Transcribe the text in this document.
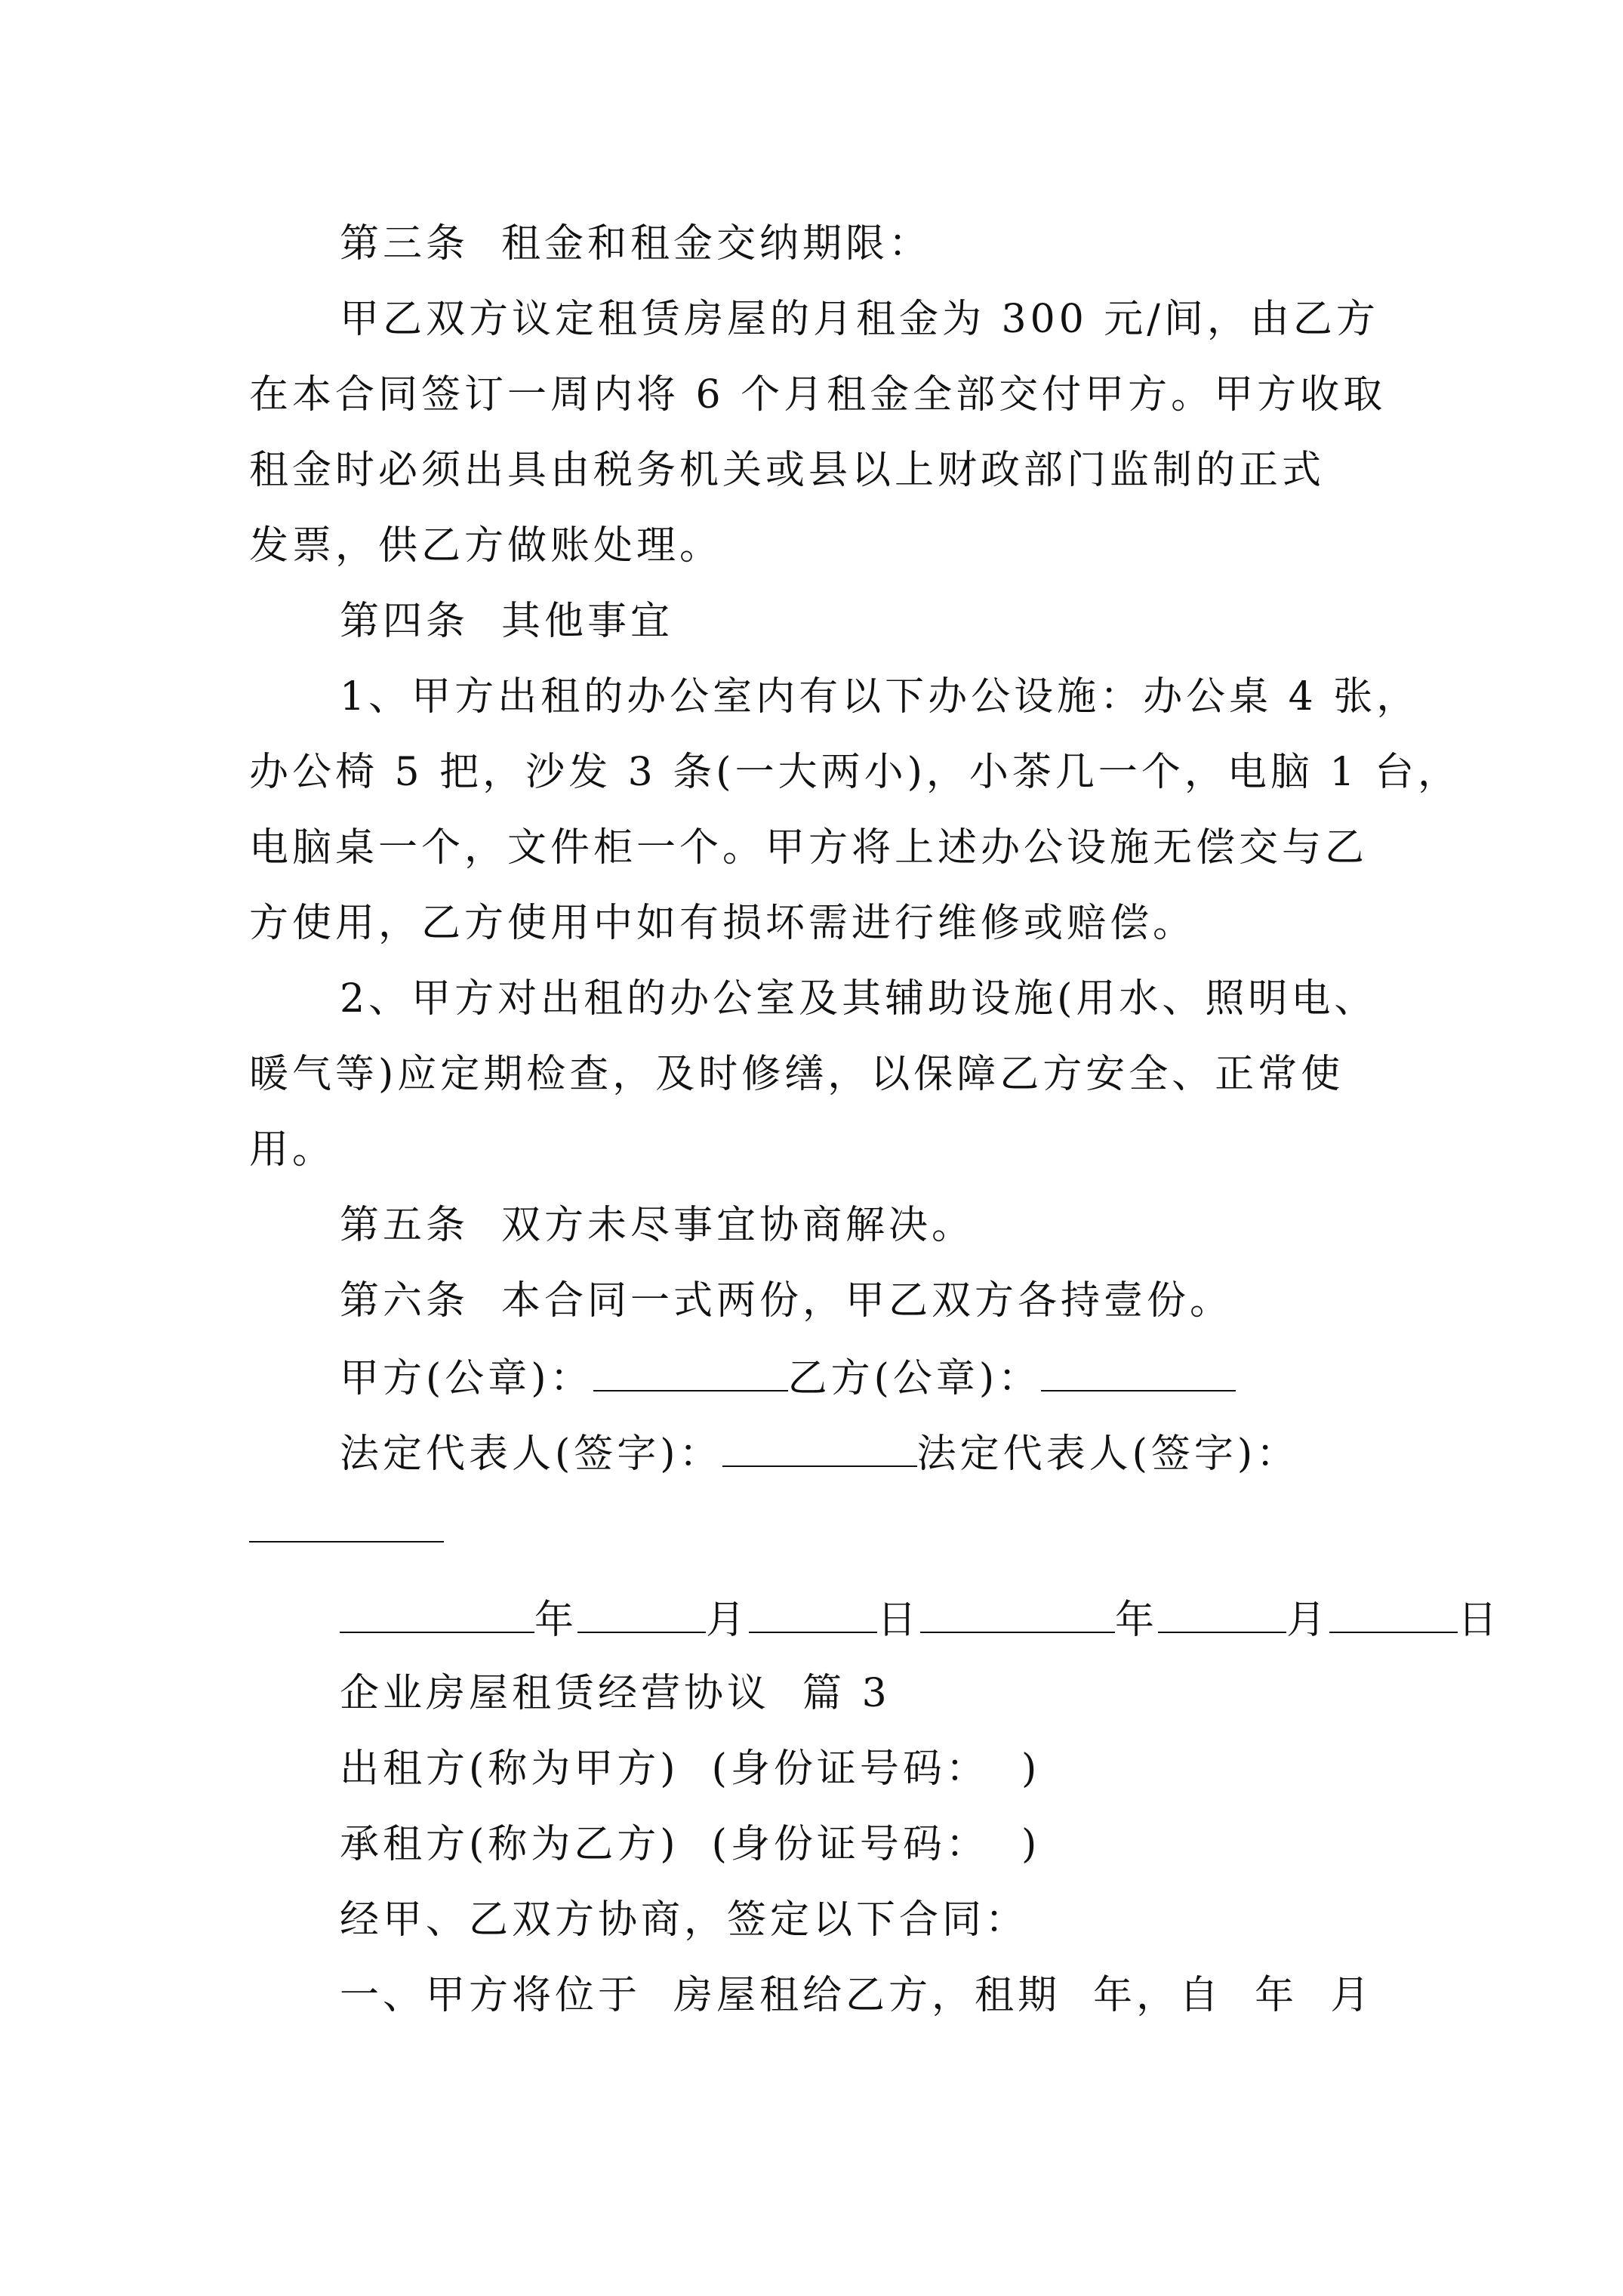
第三条  租金和租金交纳期限：
甲乙双方议定租赁房屋的月租金为 300 元/间，由乙方
在本合同签订一周内将 6 个月租金全部交付甲方。甲方收取
租金时必须出具由税务机关或县以上财政部门监制的正式
发票，供乙方做账处理。
第四条  其他事宜
1、甲方出租的办公室内有以下办公设施：办公桌 4 张，
办公椅 5 把，沙发 3 条(一大两小)，小茶几一个，电脑 1 台，
电脑桌一个，文件柜一个。甲方将上述办公设施无偿交与乙
方使用，乙方使用中如有损坏需进行维修或赔偿。
2、甲方对出租的办公室及其辅助设施(用水、照明电、
暖气等)应定期检查，及时修缮，以保障乙方安全、正常使
用。
第五条  双方未尽事宜协商解决。
第六条  本合同一式两份，甲乙双方各持壹份。
甲方(公章)：	乙方(公章)：
法定代表人(签字)：	法定代表人(签字)：
年	月	日	年	月	日
企业房屋租赁经营协议  篇 3
出租方(称为甲方)  (身份证号码：  )
承租方(称为乙方)  (身份证号码：  )
经甲、乙双方协商，签定以下合同：
一、甲方将位于  房屋租给乙方，租期  年，自  年  月
